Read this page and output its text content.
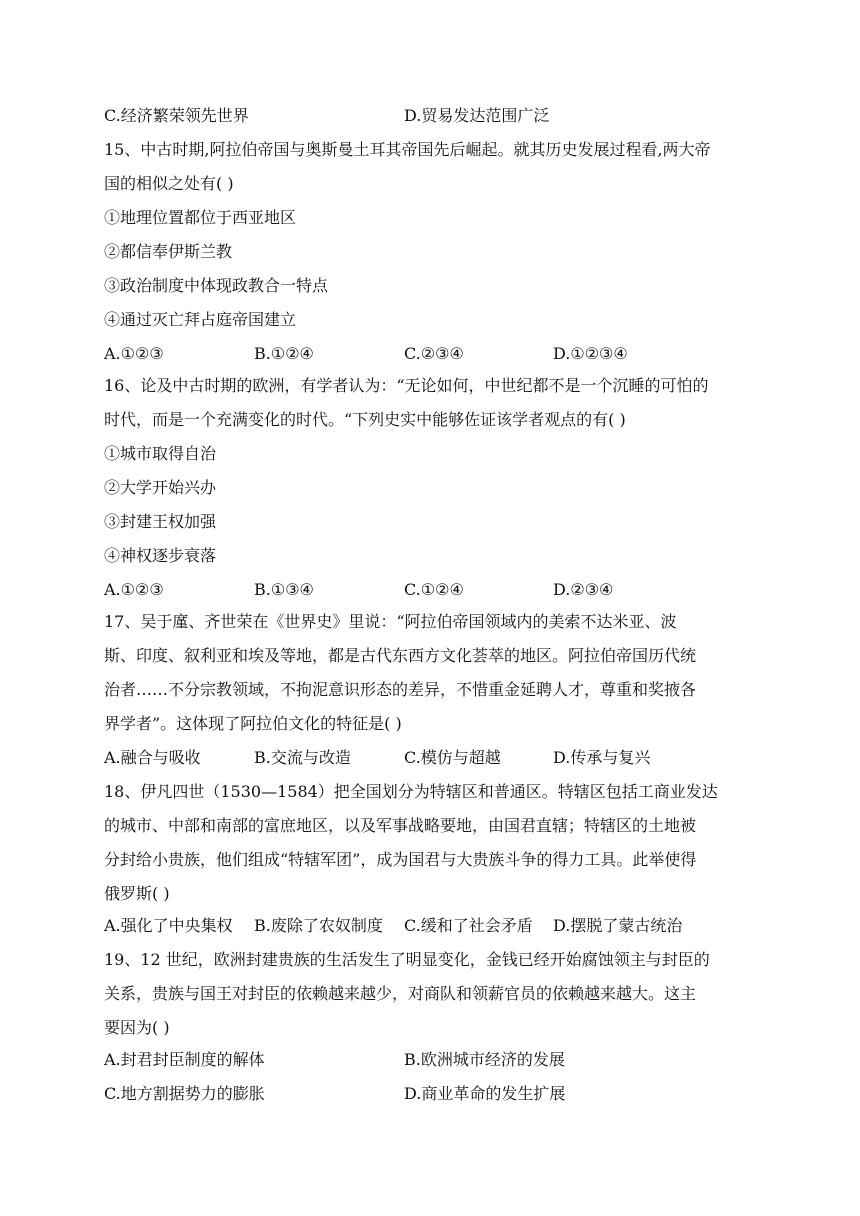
C.经济繁荣领先世界	D.贸易发达范围广泛
15、中古时期,阿拉伯帝国与奥斯曼土耳其帝国先后崛起。就其历史发展过程看,两大帝
国的相似之处有( )
①地理位置都位于西亚地区
②都信奉伊斯兰教
③政治制度中体现政教合一特点
④通过灭亡拜占庭帝国建立
A.①②③	B.①②④	C.②③④	D.①②③④
16、论及中古时期的欧洲，有学者认为：“无论如何，中世纪都不是一个沉睡的可怕的
时代，而是一个充满变化的时代。“下列史实中能够佐证该学者观点的有( )
①城市取得自治
②大学开始兴办
③封建王权加强
④神权逐步衰落
A.①②③	B.①③④	C.①②④	D.②③④
17、吴于廑、齐世荣在《世界史》里说：“阿拉伯帝国领域内的美索不达米亚、波
斯、印度、叙利亚和埃及等地，都是古代东西方文化荟萃的地区。阿拉伯帝国历代统
治者……不分宗教领域，不拘泥意识形态的差异，不惜重金延聘人才，尊重和奖掖各
界学者”。这体现了阿拉伯文化的特征是( )
A.融合与吸收	B.交流与改造	C.模仿与超越	D.传承与复兴
18、伊凡四世（1530—1584）把全国划分为特辖区和普通区。特辖区包括工商业发达
的城市、中部和南部的富庶地区，以及军事战略要地，由国君直辖；特辖区的土地被
分封给小贵族，他们组成“特辖军团”，成为国君与大贵族斗争的得力工具。此举使得
俄罗斯( )
A.强化了中央集权 B.废除了农奴制度 C.缓和了社会矛盾 D.摆脱了蒙古统治
19、12 世纪，欧洲封建贵族的生活发生了明显变化，金钱已经开始腐蚀领主与封臣的
关系，贵族与国王对封臣的依赖越来越少，对商队和领薪官员的依赖越来越大。这主
要因为( )
A.封君封臣制度的解体	B.欧洲城市经济的发展
C.地方割据势力的膨胀	D.商业革命的发生扩展
